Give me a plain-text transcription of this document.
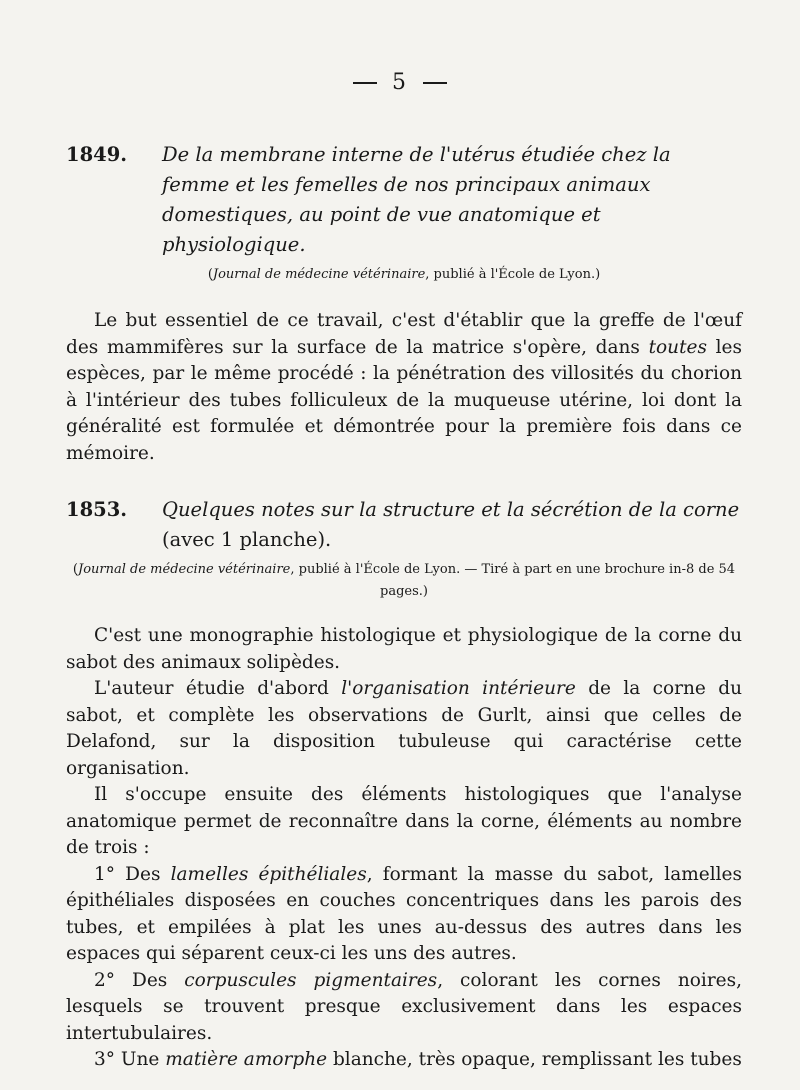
5

1849. De la membrane interne de l'utérus étudiée chez la femme et les femelles de nos principaux animaux domestiques, au point de vue anatomique et physiologique.

(Journal de médecine vétérinaire, publié à l'École de Lyon.)

Le but essentiel de ce travail, c'est d'établir que la greffe de l'œuf des mammifères sur la surface de la matrice s'opère, dans toutes les espèces, par le même procédé : la pénétration des villosités du chorion à l'intérieur des tubes folliculeux de la muqueuse utérine, loi dont la généralité est formulée et démontrée pour la première fois dans ce mémoire.

1853. Quelques notes sur la structure et la sécrétion de la corne (avec 1 planche).

(Journal de médecine vétérinaire, publié à l'École de Lyon. — Tiré à part en une brochure in-8 de 54 pages.)

C'est une monographie histologique et physiologique de la corne du sabot des animaux solipèdes.

L'auteur étudie d'abord l'organisation intérieure de la corne du sabot, et complète les observations de Gurlt, ainsi que celles de Delafond, sur la disposition tubuleuse qui caractérise cette organisation.

Il s'occupe ensuite des éléments histologiques que l'analyse anatomique permet de reconnaître dans la corne, éléments au nombre de trois :

1° Des lamelles épithéliales, formant la masse du sabot, lamelles épithéliales disposées en couches concentriques dans les parois des tubes, et empilées à plat les unes au-dessus des autres dans les espaces qui séparent ceux-ci les uns des autres.

2° Des corpuscules pigmentaires, colorant les cornes noires, lesquels se trouvent presque exclusivement dans les espaces intertubulaires.

3° Une matière amorphe blanche, très opaque, remplissant les tubes
